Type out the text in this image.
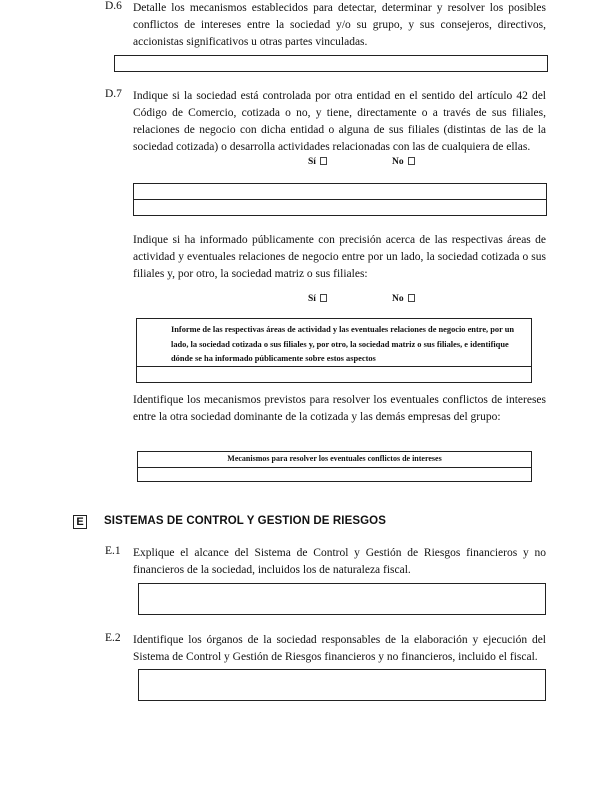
D.6 Detalle los mecanismos establecidos para detectar, determinar y resolver los posibles conflictos de intereses entre la sociedad y/o su grupo, y sus consejeros, directivos, accionistas significativos u otras partes vinculadas.
D.7 Indique si la sociedad está controlada por otra entidad en el sentido del artículo 42 del Código de Comercio, cotizada o no, y tiene, directamente o a través de sus filiales, relaciones de negocio con dicha entidad o alguna de sus filiales (distintas de las de la sociedad cotizada) o desarrolla actividades relacionadas con las de cualquiera de ellas.
Sí	No
Indique si ha informado públicamente con precisión acerca de las respectivas áreas de actividad y eventuales relaciones de negocio entre por un lado, la sociedad cotizada o sus filiales y, por otro, la sociedad matriz o sus filiales:
Sí	No
Informe de las respectivas áreas de actividad y las eventuales relaciones de negocio entre, por un lado, la sociedad cotizada o sus filiales y, por otro, la sociedad matriz o sus filiales, e identifique dónde se ha informado públicamente sobre estos aspectos
Identifique los mecanismos previstos para resolver los eventuales conflictos de intereses entre la otra sociedad dominante de la cotizada y las demás empresas del grupo:
Mecanismos para resolver los eventuales conflictos de intereses
E SISTEMAS DE CONTROL Y GESTION DE RIESGOS
E.1 Explique el alcance del Sistema de Control y Gestión de Riesgos financieros y no financieros de la sociedad, incluidos los de naturaleza fiscal.
E.2 Identifique los órganos de la sociedad responsables de la elaboración y ejecución del Sistema de Control y Gestión de Riesgos financieros y no financieros, incluido el fiscal.
